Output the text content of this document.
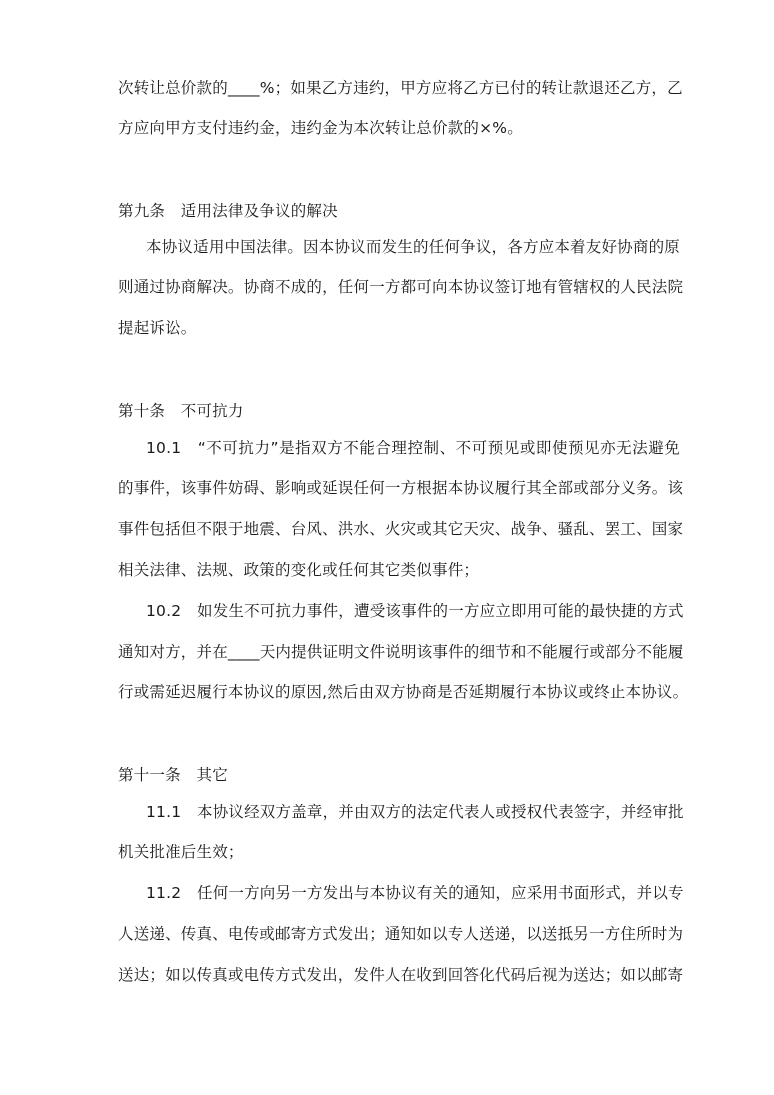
次转让总价款的____%；如果乙方违约，甲方应将乙方已付的转让款退还乙方，乙
方应向甲方支付违约金，违约金为本次转让总价款的×%。
第九条　适用法律及争议的解决
本协议适用中国法律。因本协议而发生的任何争议，各方应本着友好协商的原
则通过协商解决。协商不成的，任何一方都可向本协议签订地有管辖权的人民法院
提起诉讼。
第十条　不可抗力
10.1　“不可抗力”是指双方不能合理控制、不可预见或即使预见亦无法避免
的事件，该事件妨碍、影响或延误任何一方根据本协议履行其全部或部分义务。该
事件包括但不限于地震、台风、洪水、火灾或其它天灾、战争、骚乱、罢工、国家
相关法律、法规、政策的变化或任何其它类似事件；
10.2　如发生不可抗力事件，遭受该事件的一方应立即用可能的最快捷的方式
通知对方，并在____天内提供证明文件说明该事件的细节和不能履行或部分不能履
行或需延迟履行本协议的原因,然后由双方协商是否延期履行本协议或终止本协议。
第十一条　其它
11.1　本协议经双方盖章，并由双方的法定代表人或授权代表签字，并经审批
机关批准后生效；
11.2　任何一方向另一方发出与本协议有关的通知，应采用书面形式，并以专
人送递、传真、电传或邮寄方式发出；通知如以专人送递，以送抵另一方住所时为
送达；如以传真或电传方式发出，发件人在收到回答化代码后视为送达；如以邮寄
